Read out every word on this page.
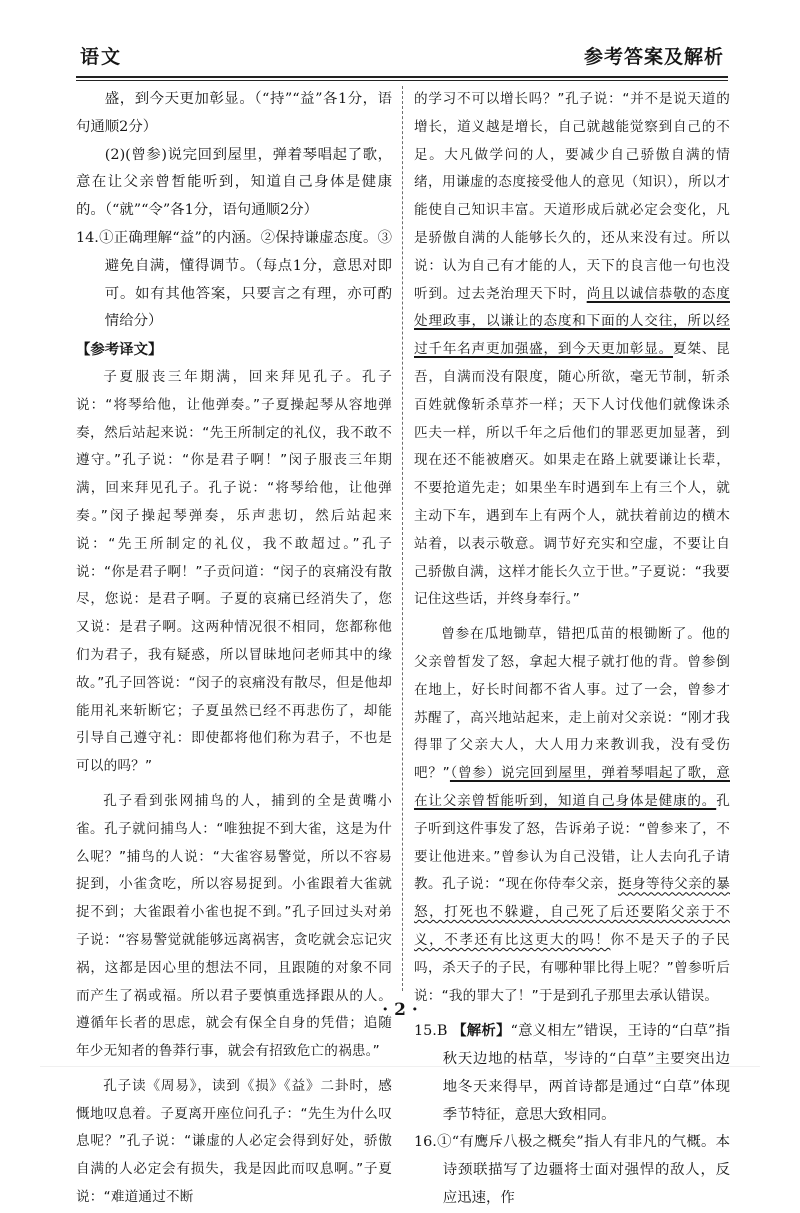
语文	参考答案及解析

盛，到今天更加彰显。（“持”“益”各1分，语句通顺2分）

(2)(曾参)说完回到屋里，弹着琴唱起了歌，意在让父亲曾皙能听到，知道自己身体是健康的。（“就”“令”各1分，语句通顺2分）

14.①正确理解“益”的内涵。②保持谦虚态度。③避免自满，懂得调节。（每点1分，意思对即可。如有其他答案，只要言之有理，亦可酌情给分）

【参考译文】

子夏服丧三年期满，回来拜见孔子。孔子说：“将琴给他，让他弹奏。”子夏操起琴从容地弹奏，然后站起来说：“先王所制定的礼仪，我不敢不遵守。”孔子说：“你是君子啊！”闵子服丧三年期满，回来拜见孔子。孔子说：“将琴给他，让他弹奏。”闵子操起琴弹奏，乐声悲切，然后站起来说：“先王所制定的礼仪，我不敢超过。”孔子说：“你是君子啊！”子贡问道：“闵子的哀痛没有散尽，您说：是君子啊。子夏的哀痛已经消失了，您又说：是君子啊。这两种情况很不相同，您都称他们为君子，我有疑惑，所以冒昧地问老师其中的缘故。”孔子回答说：“闵子的哀痛没有散尽，但是他却能用礼来斩断它；子夏虽然已经不再悲伤了，却能引导自己遵守礼：即使都将他们称为君子，不也是可以的吗？”

孔子看到张网捕鸟的人，捕到的全是黄嘴小雀。孔子就问捕鸟人：“唯独捉不到大雀，这是为什么呢？”捕鸟的人说：“大雀容易警觉，所以不容易捉到，小雀贪吃，所以容易捉到。小雀跟着大雀就捉不到；大雀跟着小雀也捉不到。”孔子回过头对弟子说：“容易警觉就能够远离祸害，贪吃就会忘记灾祸，这都是因心里的想法不同，且跟随的对象不同而产生了祸或福。所以君子要慎重选择跟从的人。遵循年长者的思虑，就会有保全自身的凭借；追随年少无知者的鲁莽行事，就会有招致危亡的祸患。”

孔子读《周易》，读到《损》《益》二卦时，感慨地叹息着。子夏离开座位问孔子：“先生为什么叹息呢？”孔子说：“谦虚的人必定会得到好处，骄傲自满的人必定会有损失，我是因此而叹息啊。”子夏说：“难道通过不断

的学习不可以增长吗？”孔子说：“并不是说天道的增长，道义越是增长，自己就越能觉察到自己的不足。大凡做学问的人，要减少自己骄傲自满的情绪，用谦虚的态度接受他人的意见（知识），所以才能使自己知识丰富。天道形成后就必定会变化，凡是骄傲自满的人能够长久的，还从来没有过。所以说：认为自己有才能的人，天下的良言他一句也没听到。过去尧治理天下时，尚且以诚信恭敬的态度处理政事，以谦让的态度和下面的人交往，所以经过千年名声更加强盛，到今天更加彰显。夏桀、昆吾，自满而没有限度，随心所欲，毫无节制，斩杀百姓就像斩杀草芥一样；天下人讨伐他们就像诛杀匹夫一样，所以千年之后他们的罪恶更加显著，到现在还不能被磨灭。如果走在路上就要谦让长辈，不要抢道先走；如果坐车时遇到车上有三个人，就主动下车，遇到车上有两个人，就扶着前边的横木站着，以表示敬意。调节好充实和空虚，不要让自己骄傲自满，这样才能长久立于世。”子夏说：“我要记住这些话，并终身奉行。”

曾参在瓜地锄草，错把瓜苗的根锄断了。他的父亲曾皙发了怒，拿起大棍子就打他的背。曾参倒在地上，好长时间都不省人事。过了一会，曾参才苏醒了，高兴地站起来，走上前对父亲说：“刚才我得罪了父亲大人，大人用力来教训我，没有受伤吧？”（曾参）说完回到屋里，弹着琴唱起了歌，意在让父亲曾皙能听到，知道自己身体是健康的。孔子听到这件事发了怒，告诉弟子说：“曾参来了，不要让他进来。”曾参认为自己没错，让人去向孔子请教。孔子说：“现在你侍奉父亲，挺身等待父亲的暴怒，打死也不躲避，自己死了后还要陷父亲于不义，不孝还有比这更大的吗！你不是天子的子民吗，杀天子的子民，有哪种罪比得上呢？”曾参听后说：“我的罪大了！”于是到孔子那里去承认错误。

15.B 【解析】“意义相左”错误，王诗的“白草”指秋天边地的枯草，岑诗的“白草”主要突出边地冬天来得早，两首诗都是通过“白草”体现季节特征，意思大致相同。

16.①“有鹰斥八极之概矣”指人有非凡的气概。本诗颈联描写了边疆将士面对强悍的敌人，反应迅速，作

· 2 ·
